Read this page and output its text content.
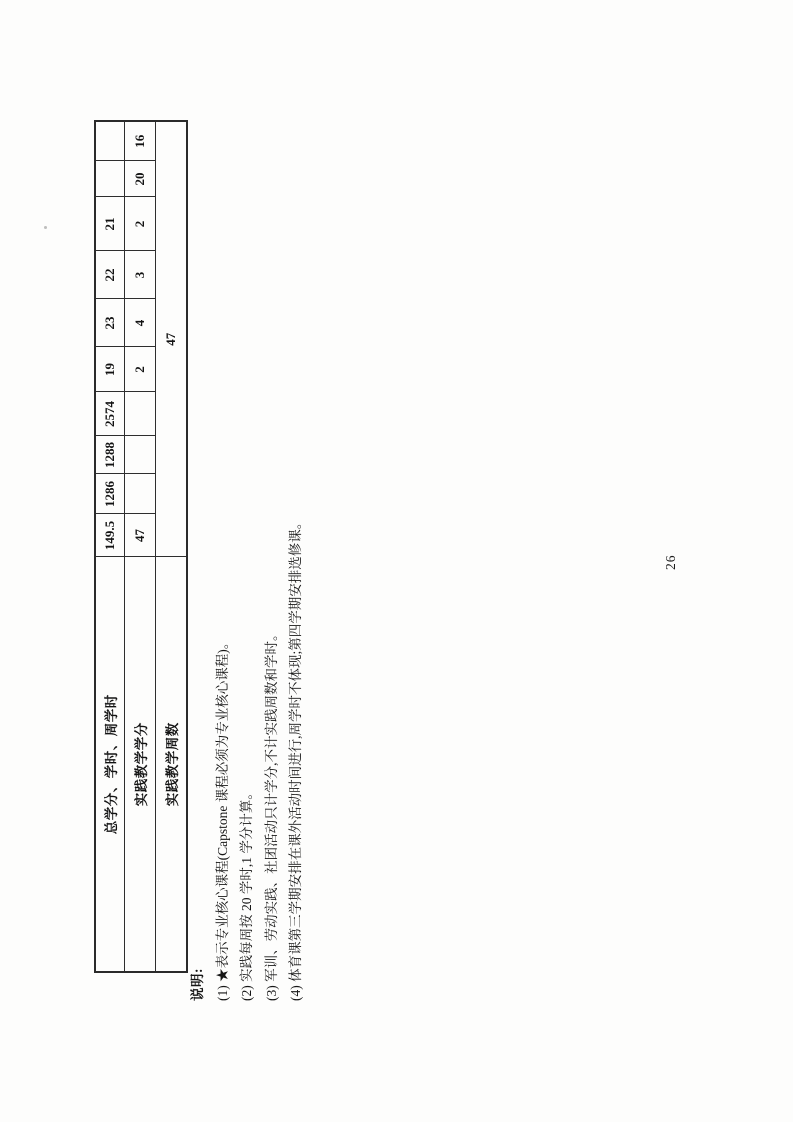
总学分、学时、周学时	149.5	1286	1288	2574	19	23	22	21		
实践教学学分	47				2	4	3	2	20	16
实践教学周数	47									
说明: (1) ★表示专业核心课程(Capstone 课程必须为专业核心课程)。 (2) 实践每周按 20 学时,1 学分计算。 (3) 军训、劳动实践、社团活动只计学分,不计实践周数和学时。 (4) 体育课第三学期安排在课外活动时间进行,周学时不体现;第四学期安排选修课。	26
